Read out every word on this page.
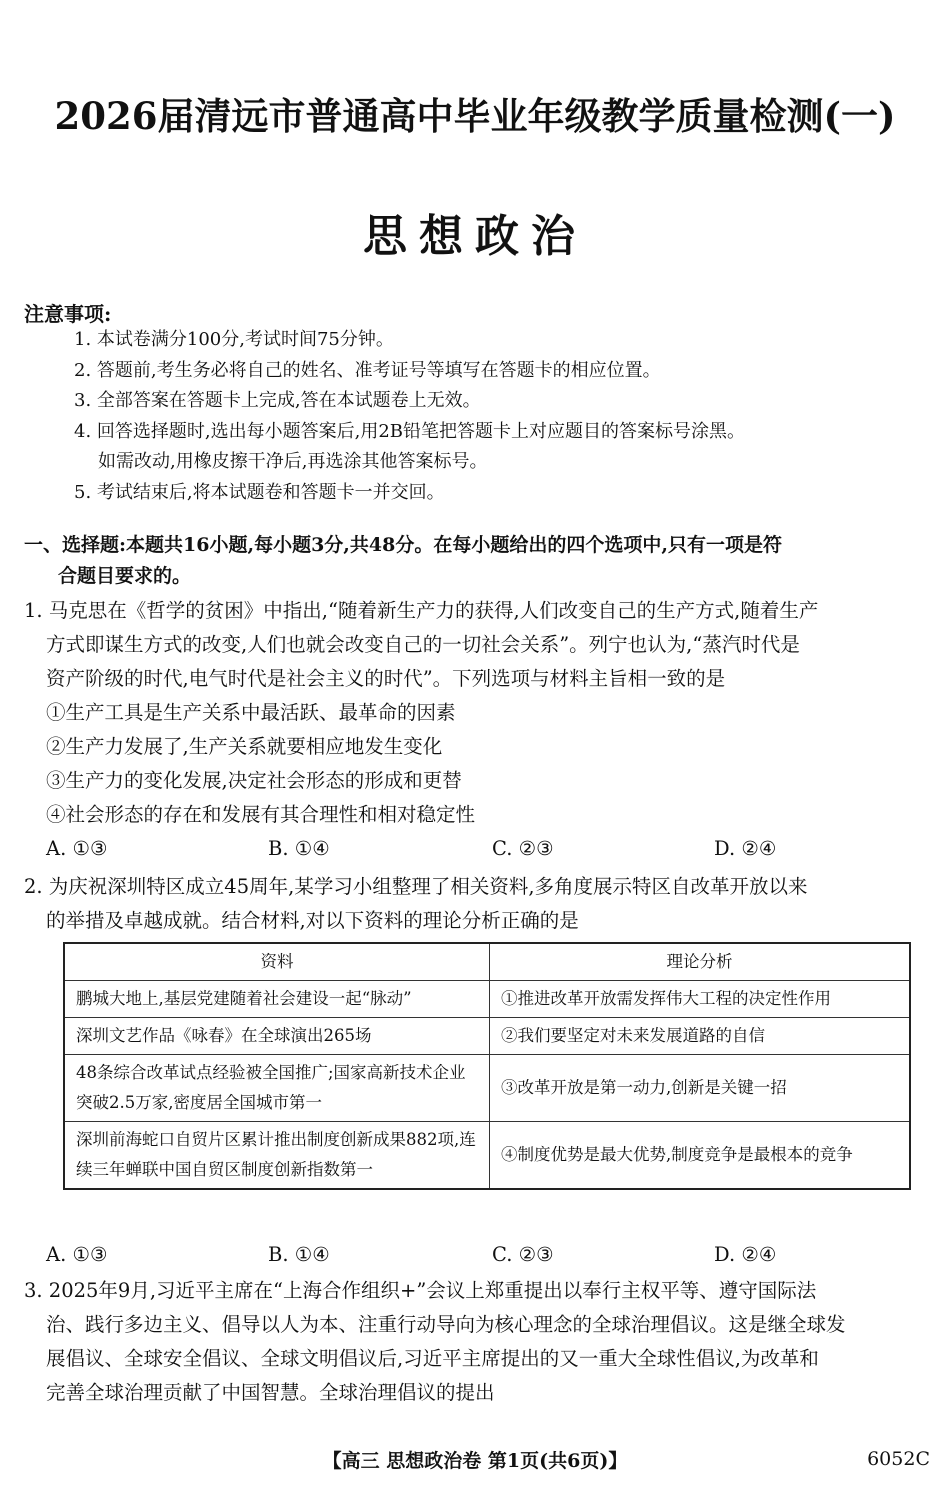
2026届清远市普通高中毕业年级教学质量检测(一)
思想政治
注意事项:
1. 本试卷满分100分,考试时间75分钟。
2. 答题前,考生务必将自己的姓名、准考证号等填写在答题卡的相应位置。
3. 全部答案在答题卡上完成,答在本试题卷上无效。
4. 回答选择题时,选出每小题答案后,用2B铅笔把答题卡上对应题目的答案标号涂黑。
如需改动,用橡皮擦干净后,再选涂其他答案标号。
5. 考试结束后,将本试题卷和答题卡一并交回。
一、选择题:本题共16小题,每小题3分,共48分。在每小题给出的四个选项中,只有一项是符
合题目要求的。
1. 马克思在《哲学的贫困》中指出,“随着新生产力的获得,人们改变自己的生产方式,随着生产
方式即谋生方式的改变,人们也就会改变自己的一切社会关系”。列宁也认为,“蒸汽时代是
资产阶级的时代,电气时代是社会主义的时代”。下列选项与材料主旨相一致的是
①生产工具是生产关系中最活跃、最革命的因素
②生产力发展了,生产关系就要相应地发生变化
③生产力的变化发展,决定社会形态的形成和更替
④社会形态的存在和发展有其合理性和相对稳定性
A. ①③	B. ①④	C. ②③	D. ②④
2. 为庆祝深圳特区成立45周年,某学习小组整理了相关资料,多角度展示特区自改革开放以来
的举措及卓越成就。结合材料,对以下资料的理论分析正确的是
资料	理论分析
鹏城大地上,基层党建随着社会建设一起“脉动”	①推进改革开放需发挥伟大工程的决定性作用
深圳文艺作品《咏春》在全球演出265场	②我们要坚定对未来发展道路的自信
48条综合改革试点经验被全国推广;国家高新技术企业突破2.5万家,密度居全国城市第一	③改革开放是第一动力,创新是关键一招
深圳前海蛇口自贸片区累计推出制度创新成果882项,连续三年蝉联中国自贸区制度创新指数第一	④制度优势是最大优势,制度竞争是最根本的竞争
A. ①③	B. ①④	C. ②③	D. ②④
3. 2025年9月,习近平主席在“上海合作组织+”会议上郑重提出以奉行主权平等、遵守国际法
治、践行多边主义、倡导以人为本、注重行动导向为核心理念的全球治理倡议。这是继全球发
展倡议、全球安全倡议、全球文明倡议后,习近平主席提出的又一重大全球性倡议,为改革和
完善全球治理贡献了中国智慧。全球治理倡议的提出
【高三 思想政治卷 第1页(共6页)】	6052C
